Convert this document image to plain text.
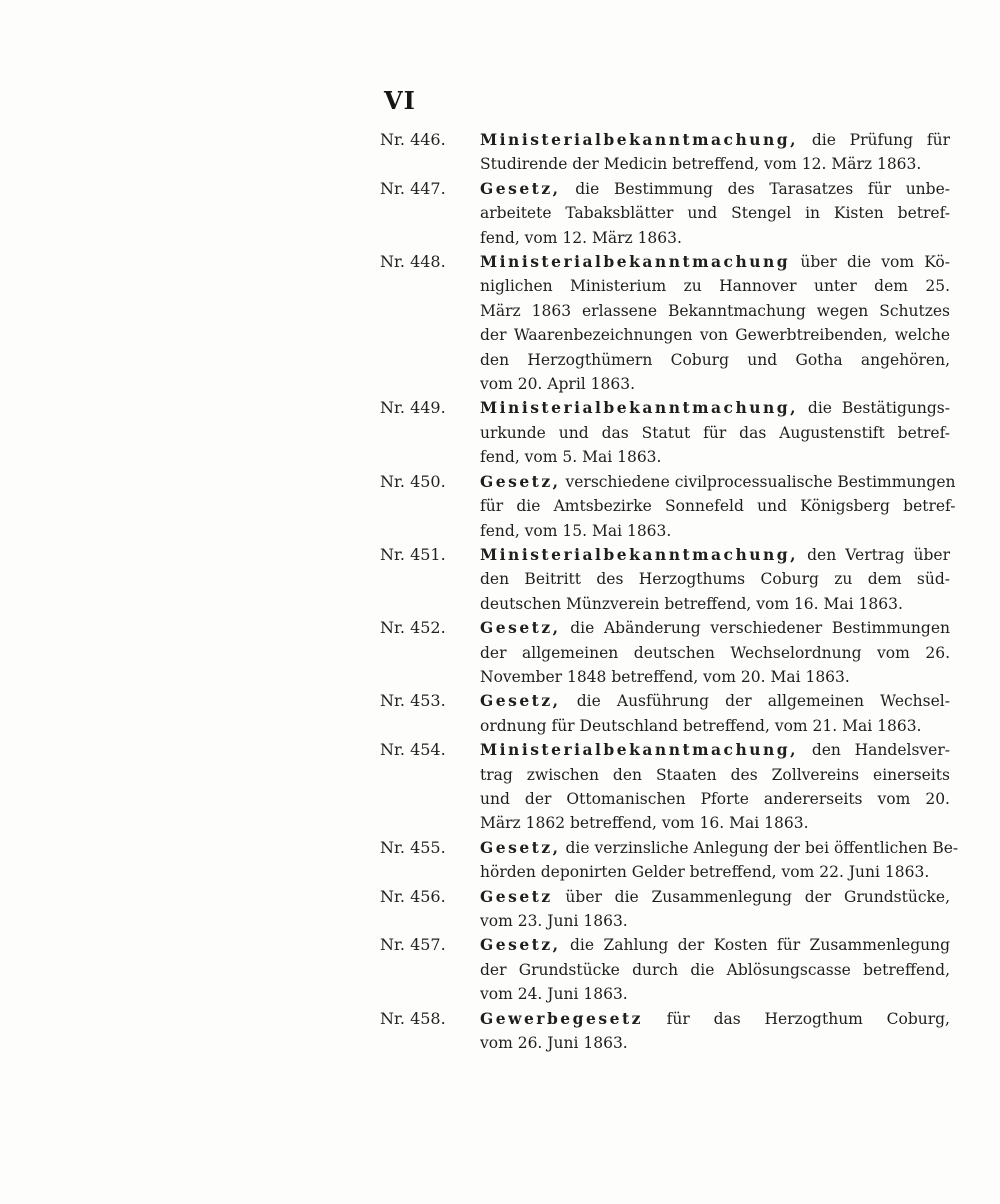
VI
Nr. 446.	Ministerialbekanntmachung, die Prüfung für
Studirende der Medicin betreffend, vom 12. März 1863.
Nr. 447.	Gesetz, die Bestimmung des Tarasatzes für unbe-
arbeitete Tabaksblätter und Stengel in Kisten betref-
fend, vom 12. März 1863.
Nr. 448.	Ministerialbekanntmachung über die vom Kö-
niglichen Ministerium zu Hannover unter dem 25.
März 1863 erlassene Bekanntmachung wegen Schutzes
der Waarenbezeichnungen von Gewerbtreibenden, welche
den Herzogthümern Coburg und Gotha angehören,
vom 20. April 1863.
Nr. 449.	Ministerialbekanntmachung, die Bestätigungs-
urkunde und das Statut für das Augustenstift betref-
fend, vom 5. Mai 1863.
Nr. 450.	Gesetz, verschiedene civilprocessualische Bestimmungen
für die Amtsbezirke Sonnefeld und Königsberg betref-
fend, vom 15. Mai 1863.
Nr. 451.	Ministerialbekanntmachung, den Vertrag über
den Beitritt des Herzogthums Coburg zu dem süd-
deutschen Münzverein betreffend, vom 16. Mai 1863.
Nr. 452.	Gesetz, die Abänderung verschiedener Bestimmungen
der allgemeinen deutschen Wechselordnung vom 26.
November 1848 betreffend, vom 20. Mai 1863.
Nr. 453.	Gesetz, die Ausführung der allgemeinen Wechsel-
ordnung für Deutschland betreffend, vom 21. Mai 1863.
Nr. 454.	Ministerialbekanntmachung, den Handelsver-
trag zwischen den Staaten des Zollvereins einerseits
und der Ottomanischen Pforte andererseits vom 20.
März 1862 betreffend, vom 16. Mai 1863.
Nr. 455.	Gesetz, die verzinsliche Anlegung der bei öffentlichen Be-
hörden deponirten Gelder betreffend, vom 22. Juni 1863.
Nr. 456.	Gesetz über die Zusammenlegung der Grundstücke,
vom 23. Juni 1863.
Nr. 457.	Gesetz, die Zahlung der Kosten für Zusammenlegung
der Grundstücke durch die Ablösungscasse betreffend,
vom 24. Juni 1863.
Nr. 458.	Gewerbegesetz für das Herzogthum Coburg,
vom 26. Juni 1863.
